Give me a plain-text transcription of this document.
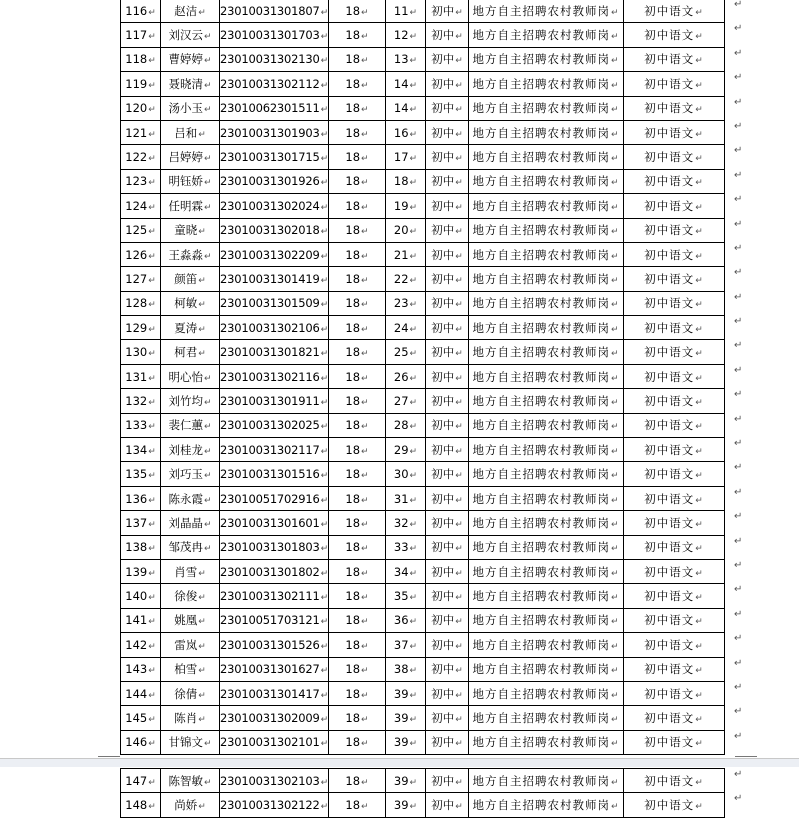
116↵	赵洁↵	23010031301807↵	18↵	11↵	初中↵	地方自主招聘农村教师岗↵	初中语文↵
117↵	刘汉云↵	23010031301703↵	18↵	12↵	初中↵	地方自主招聘农村教师岗↵	初中语文↵
118↵	曹婷婷↵	23010031302130↵	18↵	13↵	初中↵	地方自主招聘农村教师岗↵	初中语文↵
119↵	聂晓清↵	23010031302112↵	18↵	14↵	初中↵	地方自主招聘农村教师岗↵	初中语文↵
120↵	汤小玉↵	23010062301511↵	18↵	14↵	初中↵	地方自主招聘农村教师岗↵	初中语文↵
121↵	吕和↵	23010031301903↵	18↵	16↵	初中↵	地方自主招聘农村教师岗↵	初中语文↵
122↵	吕婷婷↵	23010031301715↵	18↵	17↵	初中↵	地方自主招聘农村教师岗↵	初中语文↵
123↵	明钰娇↵	23010031301926↵	18↵	18↵	初中↵	地方自主招聘农村教师岗↵	初中语文↵
124↵	任明霖↵	23010031302024↵	18↵	19↵	初中↵	地方自主招聘农村教师岗↵	初中语文↵
125↵	童晓↵	23010031302018↵	18↵	20↵	初中↵	地方自主招聘农村教师岗↵	初中语文↵
126↵	王淼淼↵	23010031302209↵	18↵	21↵	初中↵	地方自主招聘农村教师岗↵	初中语文↵
127↵	颜笛↵	23010031301419↵	18↵	22↵	初中↵	地方自主招聘农村教师岗↵	初中语文↵
128↵	柯敏↵	23010031301509↵	18↵	23↵	初中↵	地方自主招聘农村教师岗↵	初中语文↵
129↵	夏涛↵	23010031302106↵	18↵	24↵	初中↵	地方自主招聘农村教师岗↵	初中语文↵
130↵	柯君↵	23010031301821↵	18↵	25↵	初中↵	地方自主招聘农村教师岗↵	初中语文↵
131↵	明心怡↵	23010031302116↵	18↵	26↵	初中↵	地方自主招聘农村教师岗↵	初中语文↵
132↵	刘竹均↵	23010031301911↵	18↵	27↵	初中↵	地方自主招聘农村教师岗↵	初中语文↵
133↵	裴仁蕙↵	23010031302025↵	18↵	28↵	初中↵	地方自主招聘农村教师岗↵	初中语文↵
134↵	刘桂龙↵	23010031302117↵	18↵	29↵	初中↵	地方自主招聘农村教师岗↵	初中语文↵
135↵	刘巧玉↵	23010031301516↵	18↵	30↵	初中↵	地方自主招聘农村教师岗↵	初中语文↵
136↵	陈永霞↵	23010051702916↵	18↵	31↵	初中↵	地方自主招聘农村教师岗↵	初中语文↵
137↵	刘晶晶↵	23010031301601↵	18↵	32↵	初中↵	地方自主招聘农村教师岗↵	初中语文↵
138↵	邹茂冉↵	23010031301803↵	18↵	33↵	初中↵	地方自主招聘农村教师岗↵	初中语文↵
139↵	肖雪↵	23010031301802↵	18↵	34↵	初中↵	地方自主招聘农村教师岗↵	初中语文↵
140↵	徐俊↵	23010031302111↵	18↵	35↵	初中↵	地方自主招聘农村教师岗↵	初中语文↵
141↵	姚凰↵	23010051703121↵	18↵	36↵	初中↵	地方自主招聘农村教师岗↵	初中语文↵
142↵	雷岚↵	23010031301526↵	18↵	37↵	初中↵	地方自主招聘农村教师岗↵	初中语文↵
143↵	柏雪↵	23010031301627↵	18↵	38↵	初中↵	地方自主招聘农村教师岗↵	初中语文↵
144↵	徐倩↵	23010031301417↵	18↵	39↵	初中↵	地方自主招聘农村教师岗↵	初中语文↵
145↵	陈肖↵	23010031302009↵	18↵	39↵	初中↵	地方自主招聘农村教师岗↵	初中语文↵
146↵	甘锦文↵	23010031302101↵	18↵	39↵	初中↵	地方自主招聘农村教师岗↵	初中语文↵
↵
↵
↵
↵
↵
↵
↵
↵
↵
↵
↵
↵
↵
↵
↵
↵
↵
↵
↵
↵
↵
↵
↵
↵
↵
↵
↵
↵
↵
↵
↵
147↵	陈智敏↵	23010031302103↵	18↵	39↵	初中↵	地方自主招聘农村教师岗↵	初中语文↵
148↵	尚娇↵	23010031302122↵	18↵	39↵	初中↵	地方自主招聘农村教师岗↵	初中语文↵
↵
↵
